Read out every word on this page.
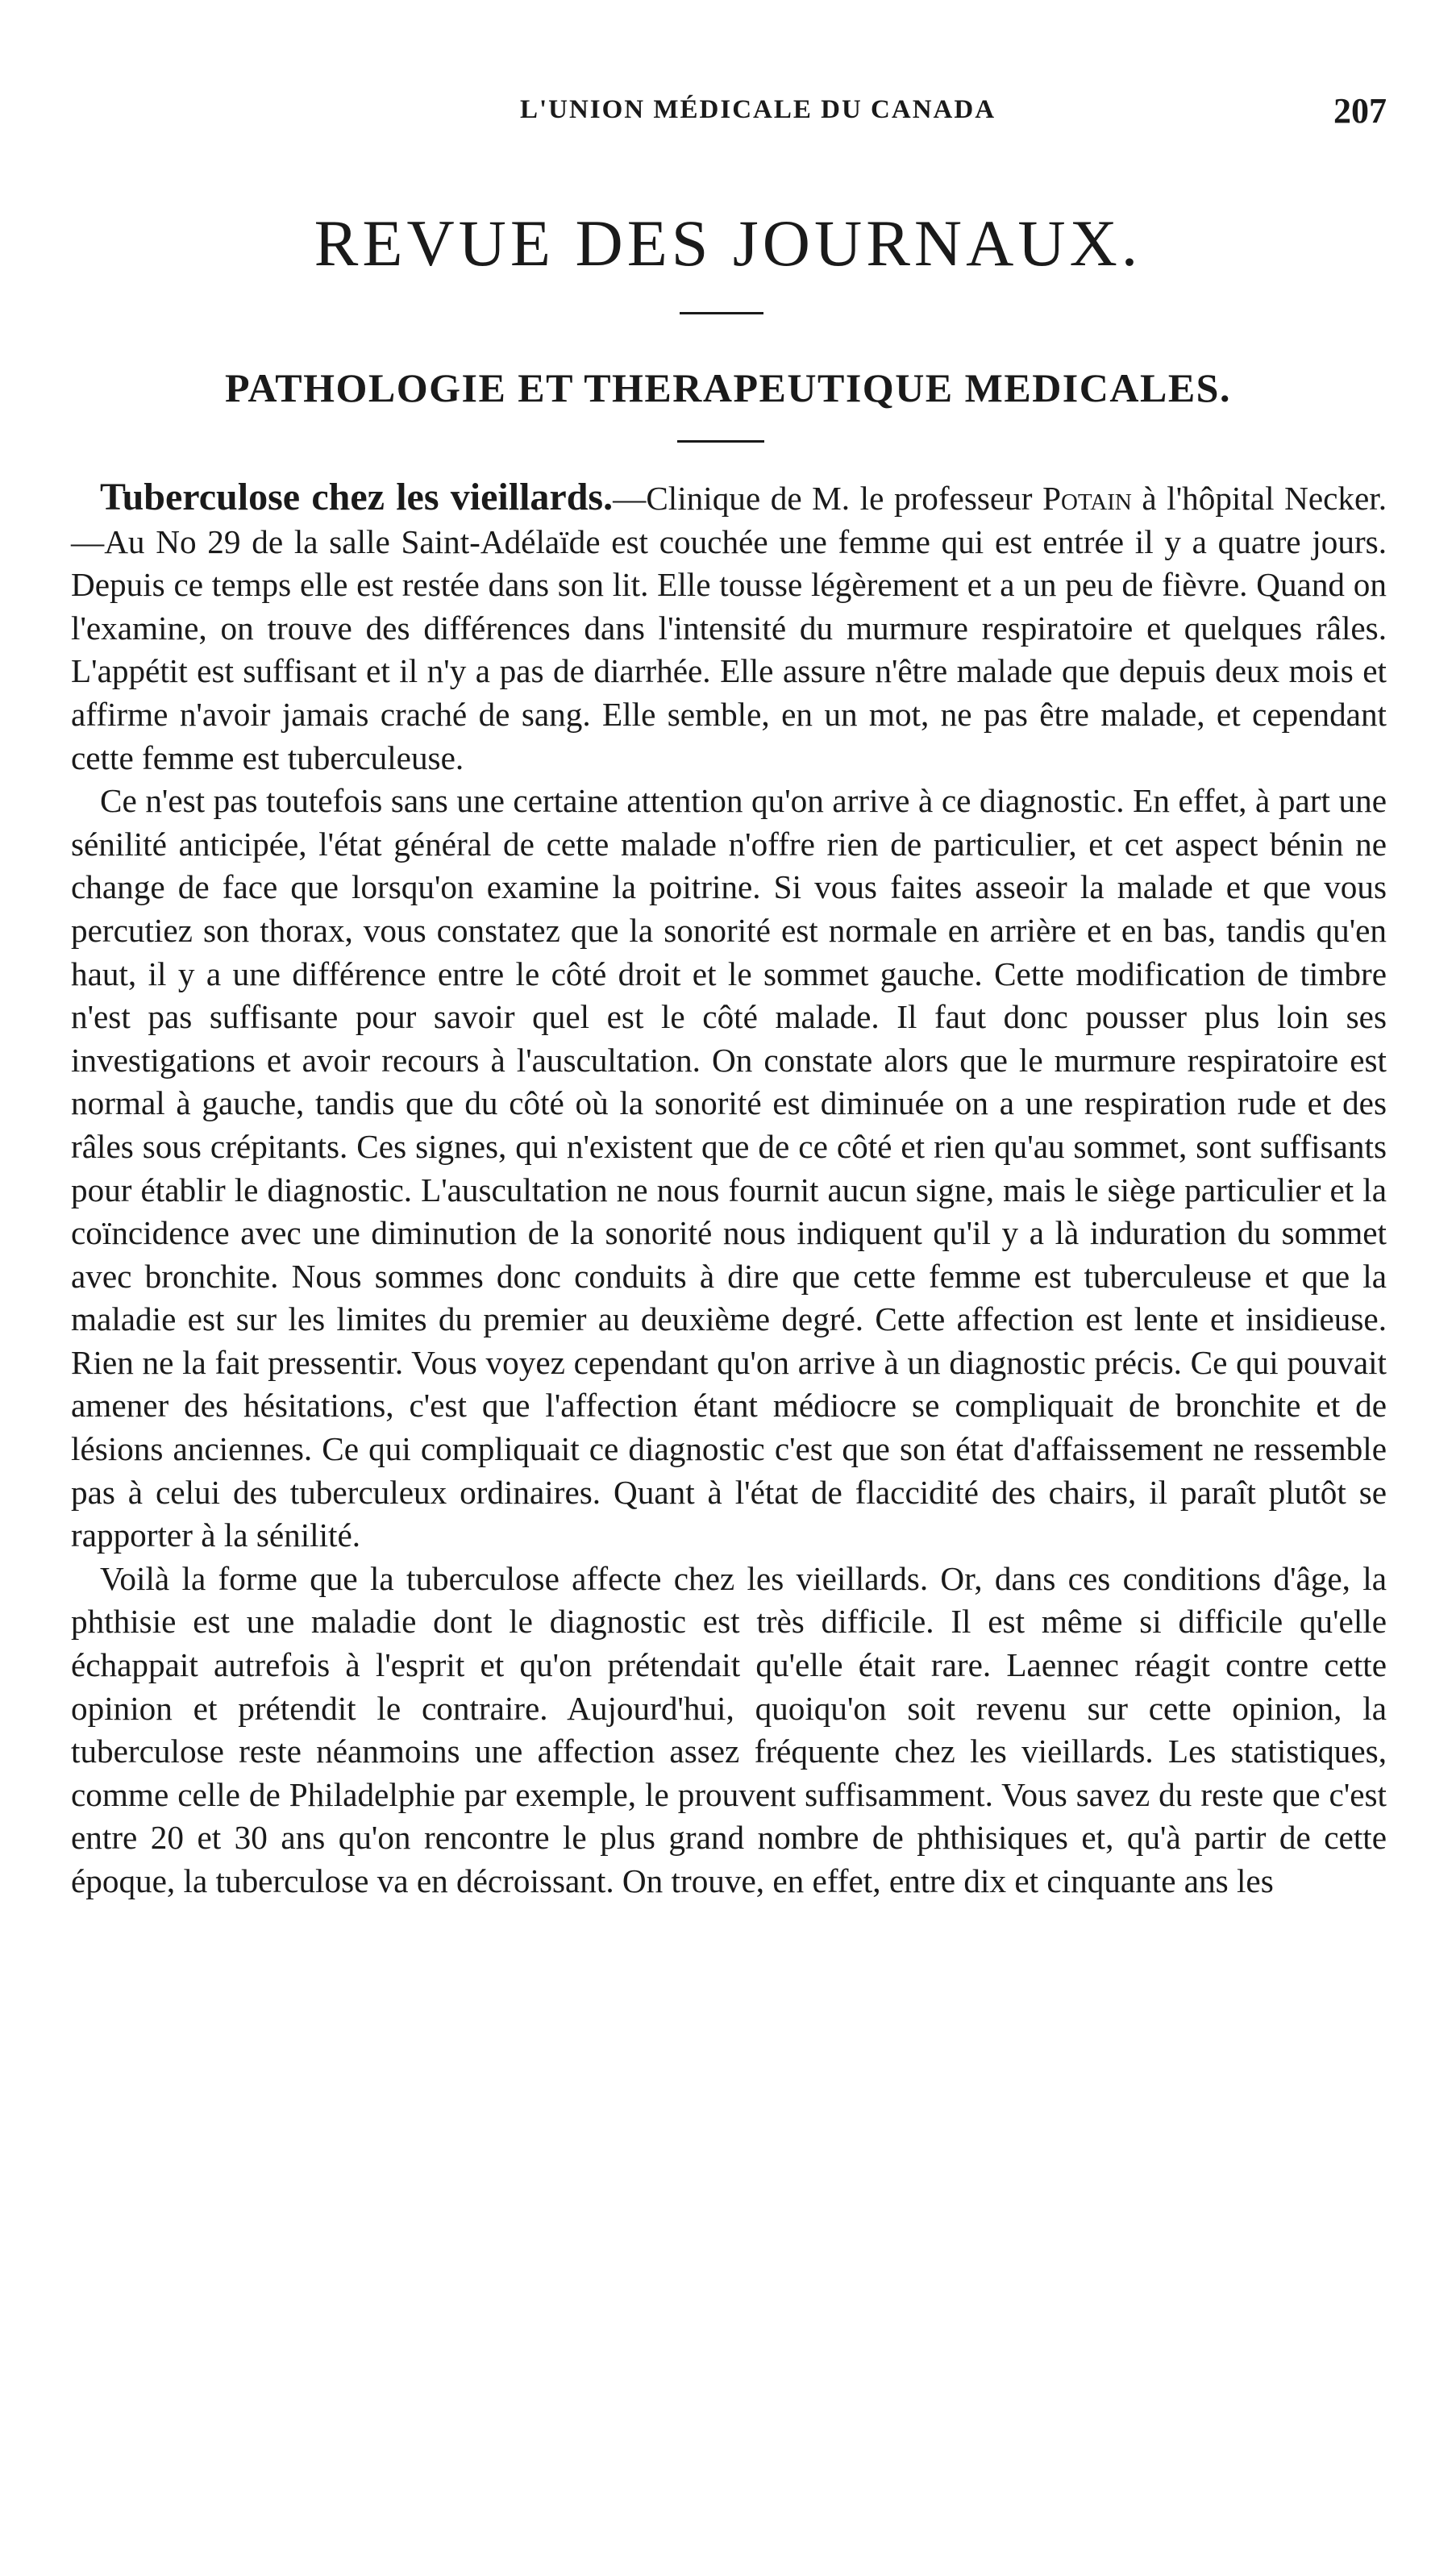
L'UNION MÉDICALE DU CANADA	207
REVUE DES JOURNAUX.
PATHOLOGIE ET THERAPEUTIQUE MEDICALES.

Tuberculose chez les vieillards.—Clinique de M. le professeur Potain à l'hôpital Necker.—Au No 29 de la salle Saint-Adélaïde est couchée une femme qui est entrée il y a quatre jours. Depuis ce temps elle est restée dans son lit. Elle tousse légèrement et a un peu de fièvre. Quand on l'examine, on trouve des différences dans l'intensité du murmure respiratoire et quelques râles. L'appétit est suffisant et il n'y a pas de diarrhée. Elle assure n'être malade que depuis deux mois et affirme n'avoir jamais craché de sang. Elle semble, en un mot, ne pas être malade, et cependant cette femme est tuberculeuse.

Ce n'est pas toutefois sans une certaine attention qu'on arrive à ce diagnostic. En effet, à part une sénilité anticipée, l'état général de cette malade n'offre rien de particulier, et cet aspect bénin ne change de face que lorsqu'on examine la poitrine. Si vous faites asseoir la malade et que vous percutiez son thorax, vous constatez que la sonorité est normale en arrière et en bas, tandis qu'en haut, il y a une différence entre le côté droit et le sommet gauche. Cette modification de timbre n'est pas suffisante pour savoir quel est le côté malade. Il faut donc pousser plus loin ses investigations et avoir recours à l'auscultation. On constate alors que le murmure respiratoire est normal à gauche, tandis que du côté où la sonorité est diminuée on a une respiration rude et des râles sous crépitants. Ces signes, qui n'existent que de ce côté et rien qu'au sommet, sont suffisants pour établir le diagnostic. L'auscultation ne nous fournit aucun signe, mais le siège particulier et la coïncidence avec une diminution de la sonorité nous indiquent qu'il y a là induration du sommet avec bronchite. Nous sommes donc conduits à dire que cette femme est tuberculeuse et que la maladie est sur les limites du premier au deuxième degré. Cette affection est lente et insidieuse. Rien ne la fait pressentir. Vous voyez cependant qu'on arrive à un diagnostic précis. Ce qui pouvait amener des hésitations, c'est que l'affection étant médiocre se compliquait de bronchite et de lésions anciennes. Ce qui compliquait ce diagnostic c'est que son état d'affaissement ne ressemble pas à celui des tuberculeux ordinaires. Quant à l'état de flaccidité des chairs, il paraît plutôt se rapporter à la sénilité.

Voilà la forme que la tuberculose affecte chez les vieillards. Or, dans ces conditions d'âge, la phthisie est une maladie dont le diagnostic est très difficile. Il est même si difficile qu'elle échappait autrefois à l'esprit et qu'on prétendait qu'elle était rare. Laennec réagit contre cette opinion et prétendit le contraire. Aujourd'hui, quoiqu'on soit revenu sur cette opinion, la tuberculose reste néanmoins une affection assez fréquente chez les vieillards. Les statistiques, comme celle de Philadelphie par exemple, le prouvent suffisamment. Vous savez du reste que c'est entre 20 et 30 ans qu'on rencontre le plus grand nombre de phthisiques et, qu'à partir de cette époque, la tuberculose va en décroissant. On trouve, en effet, entre dix et cinquante ans les
